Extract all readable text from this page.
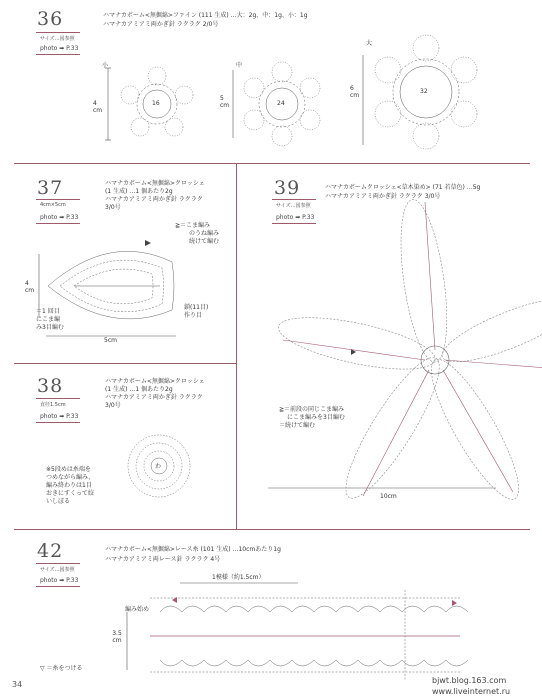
36
サイズ…図参照
photo ➡ P.33
ハマナカボーム<無掘綿>ファイン (111 生成) …大：2g、中：1g、小：1g
ハマナカアミアミ両かぎ針 ラクラク 2/0号
小	中
大
4 cm
5 cm
6 cm
16	24
32
37
4cm×5cm
photo ➡ P.33
ハマナカボーム<無掘綿>クロッシェ
(1 生成) …1 個あたり2g
ハマナカアミアミ両かぎ針 ラクラク
3/0号
≧＝こま編み
のうね編み
続けて編む
＝1 回目
にこま編
み3目編む
鎖(11目)
作り目
4 cm
5cm
38
直径1.5cm
photo ➡ P.33
ハマナカボーム<無掘綿>クロッシェ
(1 生成) …1 個あたり2g
ハマナカアミアミ両かぎ針 ラクラク
3/0号
※5段めは糸端を
つめながら編み、
編み終わりは1目
おきにすくって絞
いしぼる
わ
39
サイズ…図参照
photo ➡ P.33
ハマナカボームクロッシェ<草木染め> (71 若草色) …5g
ハマナカアミアミ両かぎ針 ラクラク 3/0号
≧＝前段の同じこま編み
にこま編みを3目編む
＝続けて編む
10cm
42
サイズ…図参照
photo ➡ P.33
ハマナカボーム<無掘綿>レース糸 (101 生成) …10cmあたり1g
ハマナカアミアミ両レース針 ラクラク 4号
1模様（約1.5cm）
編み始め
3.5 cm
▽ ＝糸をつける
34	bjwt.blog.163.com
www.liveinternet.ru
